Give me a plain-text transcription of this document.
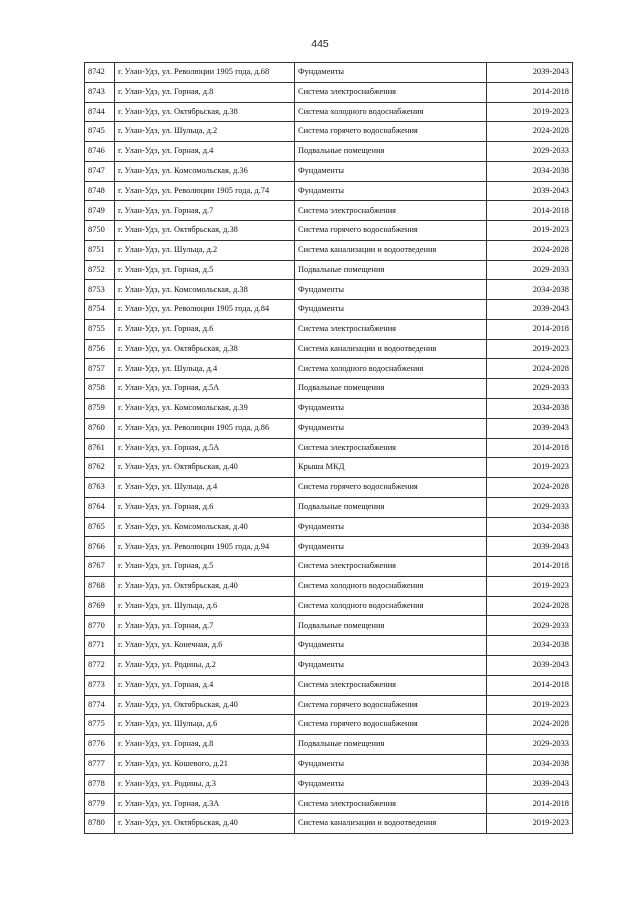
445
8742	г. Улан-Удэ, ул. Революции 1905 года, д.68	Фундаменты	2039-2043
8743	г. Улан-Удэ, ул. Горная, д.8	Система электроснабжения	2014-2018
8744	г. Улан-Удэ, ул. Октябрьская, д.38	Система холодного водоснабжения	2019-2023
8745	г. Улан-Удэ, ул. Шульца, д.2	Система горячего водоснабжения	2024-2028
8746	г. Улан-Удэ, ул. Горная, д.4	Подвальные помещения	2029-2033
8747	г. Улан-Удэ, ул. Комсомольская, д.36	Фундаменты	2034-2038
8748	г. Улан-Удэ, ул. Революции 1905 года, д.74	Фундаменты	2039-2043
8749	г. Улан-Удэ, ул. Горная, д.7	Система электроснабжения	2014-2018
8750	г. Улан-Удэ, ул. Октябрьская, д.38	Система горячего водоснабжения	2019-2023
8751	г. Улан-Удэ, ул. Шульца, д.2	Система канализации и водоотведения	2024-2028
8752	г. Улан-Удэ, ул. Горная, д.5	Подвальные помещения	2029-2033
8753	г. Улан-Удэ, ул. Комсомольская, д.38	Фундаменты	2034-2038
8754	г. Улан-Удэ, ул. Революции 1905 года, д.84	Фундаменты	2039-2043
8755	г. Улан-Удэ, ул. Горная, д.6	Система электроснабжения	2014-2018
8756	г. Улан-Удэ, ул. Октябрьская, д.38	Система канализации и водоотведения	2019-2023
8757	г. Улан-Удэ, ул. Шульца, д.4	Система холодного водоснабжения	2024-2028
8758	г. Улан-Удэ, ул. Горная, д.5А	Подвальные помещения	2029-2033
8759	г. Улан-Удэ, ул. Комсомольская, д.39	Фундаменты	2034-2038
8760	г. Улан-Удэ, ул. Революции 1905 года, д.86	Фундаменты	2039-2043
8761	г. Улан-Удэ, ул. Горная, д.5А	Система электроснабжения	2014-2018
8762	г. Улан-Удэ, ул. Октябрьская, д.40	Крыша МКД	2019-2023
8763	г. Улан-Удэ, ул. Шульца, д.4	Система горячего водоснабжения	2024-2028
8764	г. Улан-Удэ, ул. Горная, д.6	Подвальные помещения	2029-2033
8765	г. Улан-Удэ, ул. Комсомольская, д.40	Фундаменты	2034-2038
8766	г. Улан-Удэ, ул. Революции 1905 года, д.94	Фундаменты	2039-2043
8767	г. Улан-Удэ, ул. Горная, д.5	Система электроснабжения	2014-2018
8768	г. Улан-Удэ, ул. Октябрьская, д.40	Система холодного водоснабжения	2019-2023
8769	г. Улан-Удэ, ул. Шульца, д.6	Система холодного водоснабжения	2024-2028
8770	г. Улан-Удэ, ул. Горная, д.7	Подвальные помещения	2029-2033
8771	г. Улан-Удэ, ул. Конечная, д.6	Фундаменты	2034-2038
8772	г. Улан-Удэ, ул. Родины, д.2	Фундаменты	2039-2043
8773	г. Улан-Удэ, ул. Горная, д.4	Система электроснабжения	2014-2018
8774	г. Улан-Удэ, ул. Октябрьская, д.40	Система горячего водоснабжения	2019-2023
8775	г. Улан-Удэ, ул. Шульца, д.6	Система горячего водоснабжения	2024-2028
8776	г. Улан-Удэ, ул. Горная, д.8	Подвальные помещения	2029-2033
8777	г. Улан-Удэ, ул. Кошевого, д.21	Фундаменты	2034-2038
8778	г. Улан-Удэ, ул. Родины, д.3	Фундаменты	2039-2043
8779	г. Улан-Удэ, ул. Горная, д.3А	Система электроснабжения	2014-2018
8780	г. Улан-Удэ, ул. Октябрьская, д.40	Система канализации и водоотведения	2019-2023
